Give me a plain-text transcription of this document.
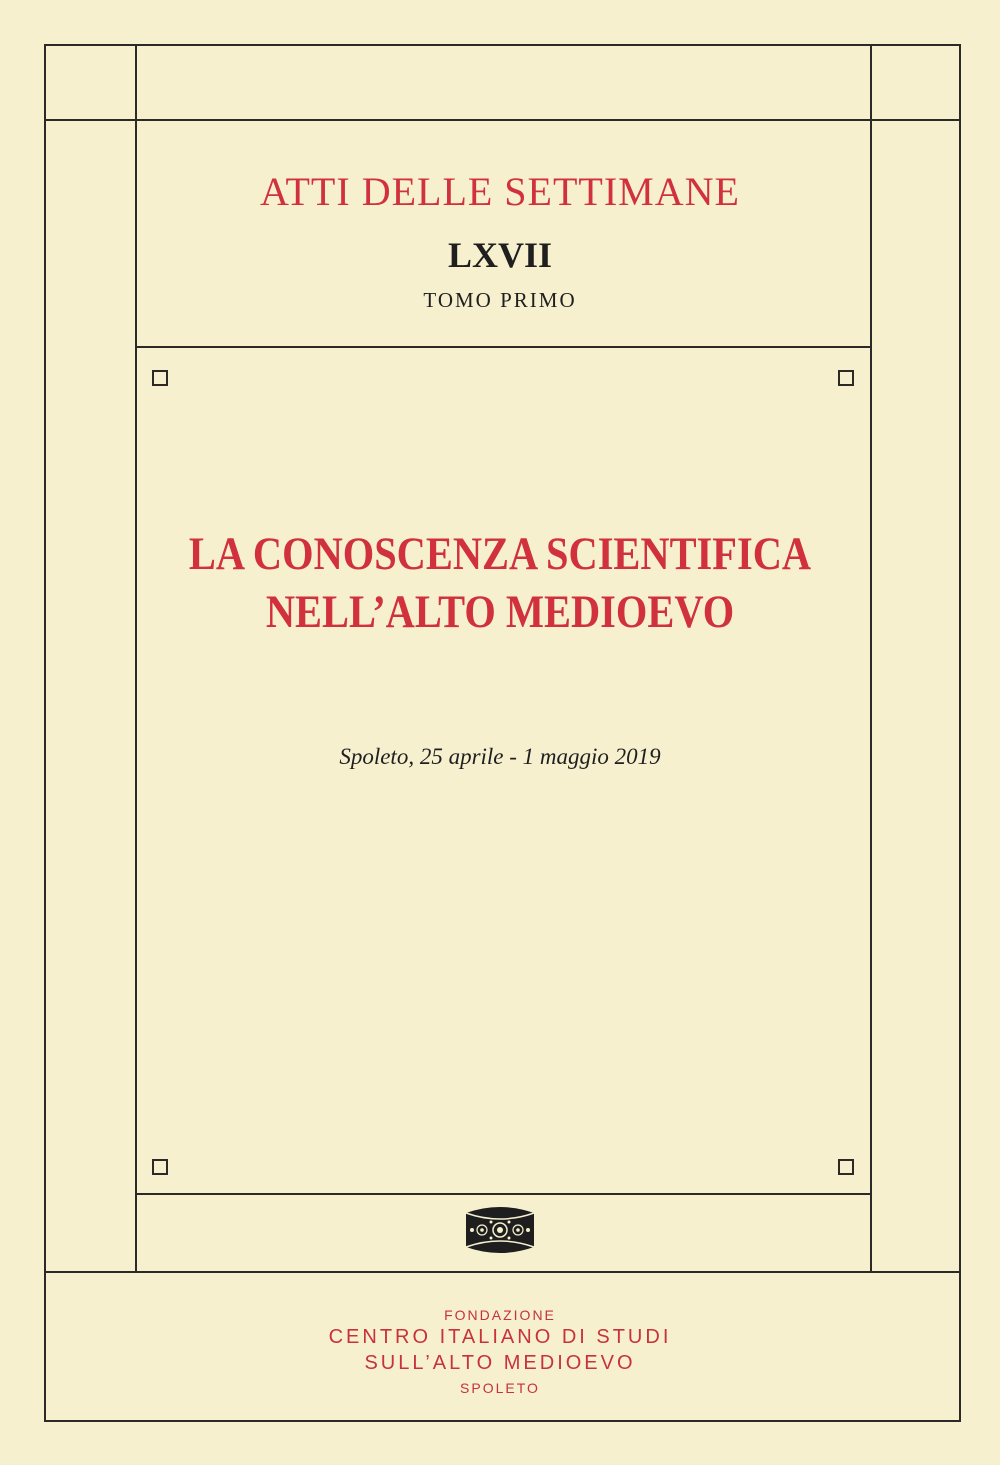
ATTI DELLE SETTIMANE
LXVII
TOMO PRIMO
LA CONOSCENZA SCIENTIFICA
NELL’ALTO MEDIOEVO
Spoleto, 25 aprile - 1 maggio 2019
FONDAZIONE
CENTRO ITALIANO DI STUDI
SULL’ALTO MEDIOEVO
SPOLETO
